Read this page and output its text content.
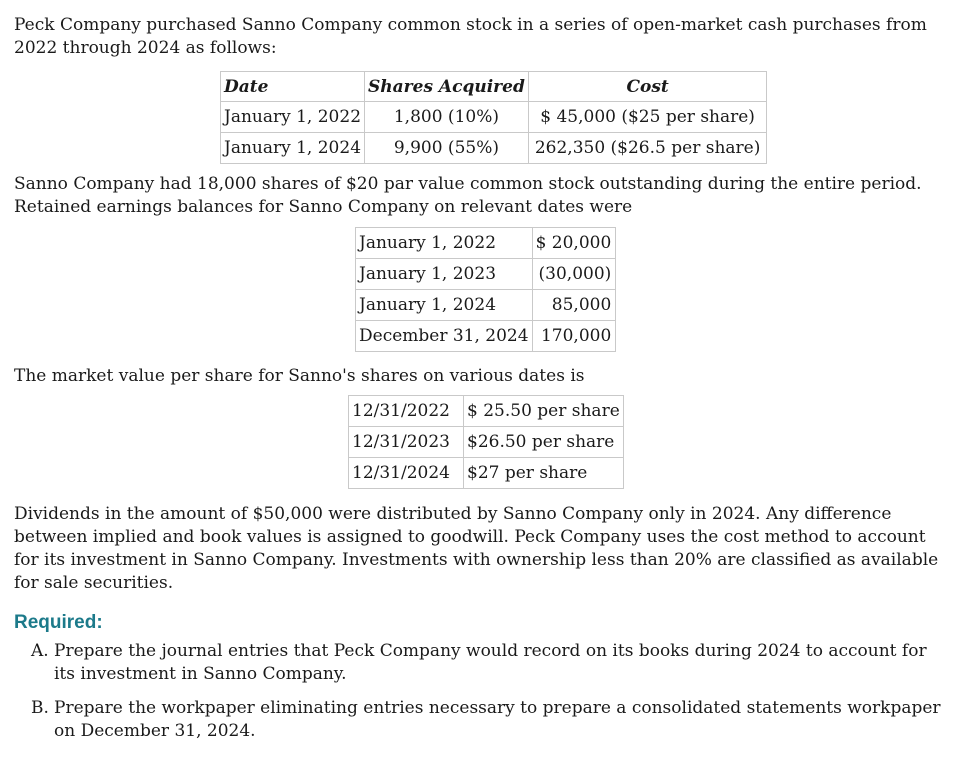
Peck Company purchased Sanno Company common stock in a series of open-market cash purchases from 2022 through 2024 as follows:

Date	Shares Acquired	Cost
January 1, 2022	1,800 (10%)	$ 45,000 ($25 per share)
January 1, 2024	9,900 (55%)	262,350 ($26.5 per share)

Sanno Company had 18,000 shares of $20 par value common stock outstanding during the entire period. Retained earnings balances for Sanno Company on relevant dates were

January 1, 2022	$ 20,000
January 1, 2023	(30,000)
January 1, 2024	85,000
December 31, 2024	170,000

The market value per share for Sanno's shares on various dates is

12/31/2022	$ 25.50 per share
12/31/2023	$26.50 per share
12/31/2024	$27 per share

Dividends in the amount of $50,000 were distributed by Sanno Company only in 2024. Any difference between implied and book values is assigned to goodwill. Peck Company uses the cost method to account for its investment in Sanno Company. Investments with ownership less than 20% are classified as available for sale securities.

Required:
A. Prepare the journal entries that Peck Company would record on its books during 2024 to account for its investment in Sanno Company.
B. Prepare the workpaper eliminating entries necessary to prepare a consolidated statements workpaper on December 31, 2024.
